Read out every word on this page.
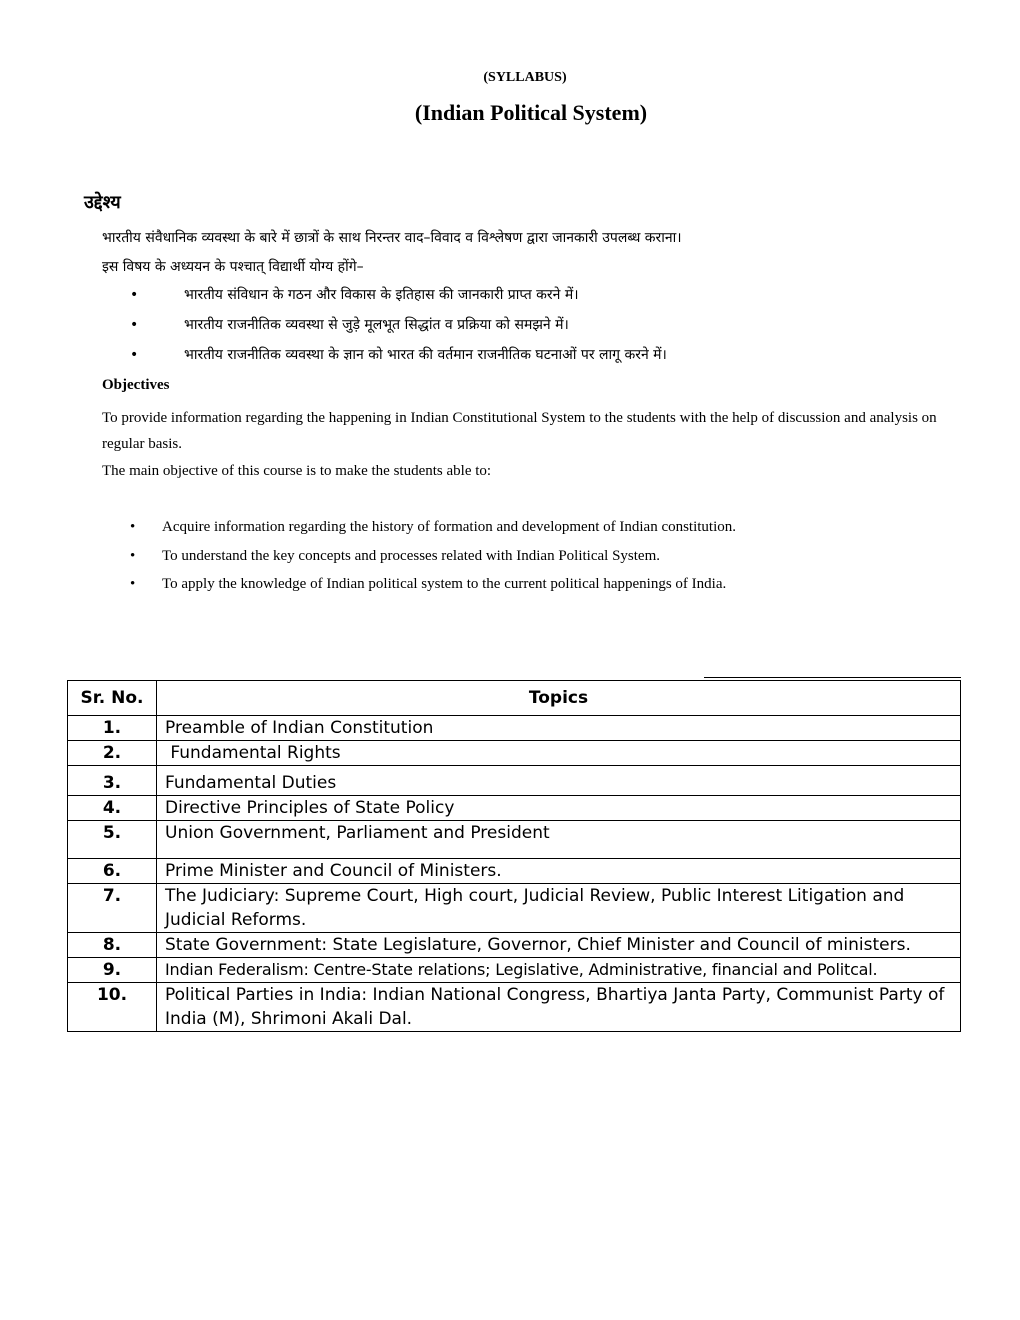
(SYLLABUS)
(Indian Political System)
उद्देश्य
भारतीय संवैधानिक व्यवस्था के बारे में छात्रों के साथ निरन्तर वाद–विवाद व विश्लेषण द्वारा जानकारी उपलब्ध कराना।
इस विषय के अध्ययन के पश्चात् विद्यार्थी योग्य होंगे–
•	भारतीय संविधान के गठन और विकास के इतिहास की जानकारी प्राप्त करने में।
•	भारतीय राजनीतिक व्यवस्था से जुड़े मूलभूत सिद्धांत व प्रक्रिया को समझने में।
•	भारतीय राजनीतिक व्यवस्था के ज्ञान को भारत की वर्तमान राजनीतिक घटनाओं पर लागू करने में।
Objectives
To provide information regarding the happening in Indian Constitutional System to the students with the help of discussion and analysis on regular basis.
The main objective of this course is to make the students able to:
• Acquire information regarding the history of formation and development of Indian constitution.
• To understand the key concepts and processes related with Indian Political System.
• To apply the knowledge of Indian political system to the current political happenings of India.
Sr. No.	Topics
1.	Preamble of Indian Constitution
2.	Fundamental Rights
3.	Fundamental Duties
4.	Directive Principles of State Policy
5.	Union Government, Parliament and President
6.	Prime Minister and Council of Ministers.
7.	The Judiciary: Supreme Court, High court, Judicial Review, Public Interest Litigation and Judicial Reforms.
8.	State Government: State Legislature, Governor, Chief Minister and Council of ministers.
9.	Indian Federalism: Centre-State relations; Legislative, Administrative, financial and Politcal.
10.	Political Parties in India: Indian National Congress, Bhartiya Janta Party, Communist Party of India (M), Shrimoni Akali Dal.
